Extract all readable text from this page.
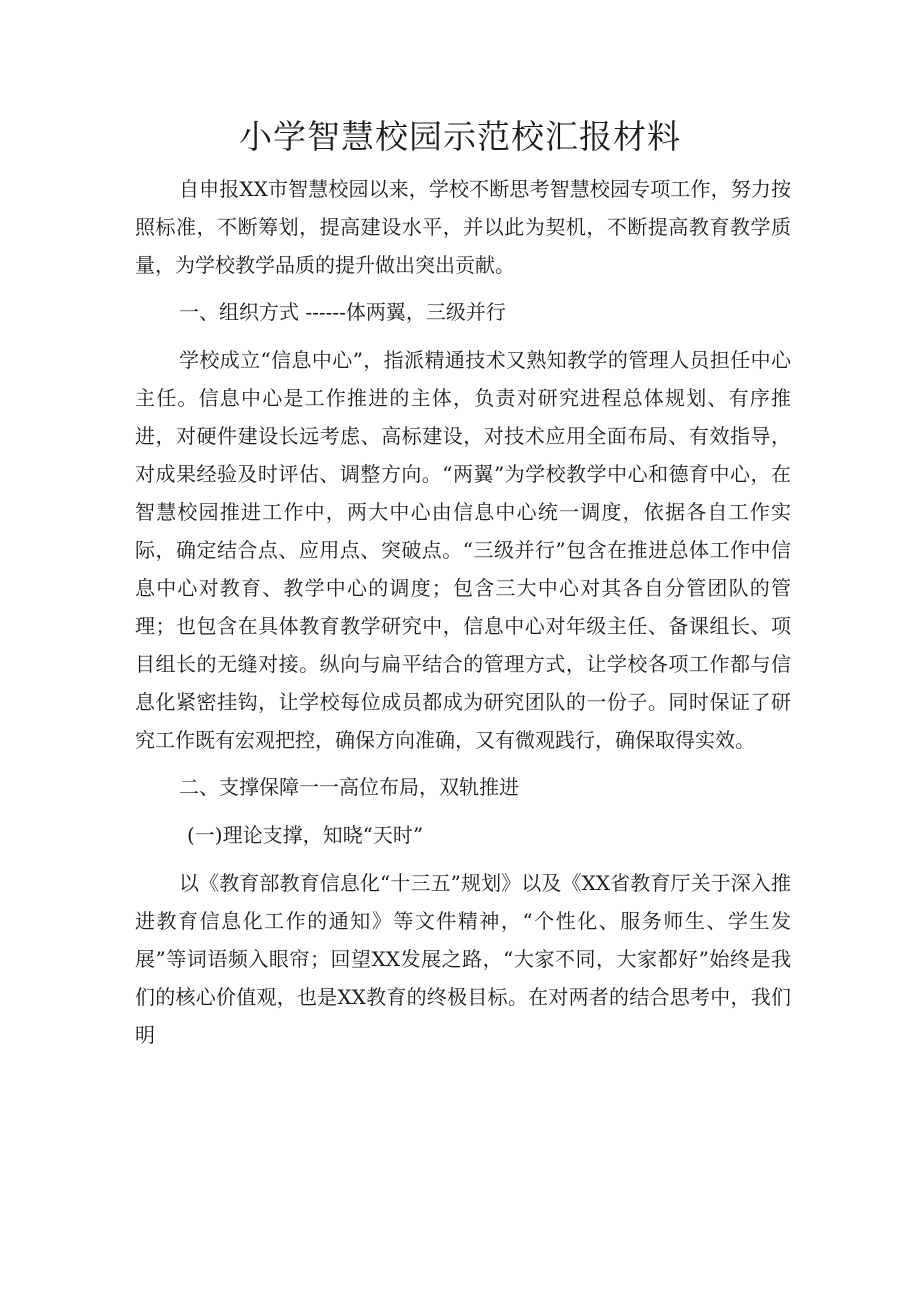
小学智慧校园示范校汇报材料

自申报XX市智慧校园以来，学校不断思考智慧校园专项工作，努力按照标准，不断筹划，提高建设水平，并以此为契机，不断提高教育教学质量，为学校教学品质的提升做出突出贡献。

一、组织方式 ------体两翼，三级并行

学校成立“信息中心”，指派精通技术又熟知教学的管理人员担任中心主任。信息中心是工作推进的主体，负责对研究进程总体规划、有序推进，对硬件建设长远考虑、高标建设，对技术应用全面布局、有效指导，对成果经验及时评估、调整方向。“两翼”为学校教学中心和德育中心，在智慧校园推进工作中，两大中心由信息中心统一调度，依据各自工作实际，确定结合点、应用点、突破点。“三级并行”包含在推进总体工作中信息中心对教育、教学中心的调度；包含三大中心对其各自分管团队的管理；也包含在具体教育教学研究中，信息中心对年级主任、备课组长、项目组长的无缝对接。纵向与扁平结合的管理方式，让学校各项工作都与信息化紧密挂钩，让学校每位成员都成为研究团队的一份子。同时保证了研究工作既有宏观把控，确保方向准确，又有微观践行，确保取得实效。

二、支撑保障一一高位布局，双轨推进

(一)理论支撑，知晓“天时”

以《教育部教育信息化“十三五”规划》以及《XX省教育厅关于深入推进教育信息化工作的通知》等文件精神，“个性化、服务师生、学生发展”等词语频入眼帘；回望XX发展之路，“大家不同，大家都好”始终是我们的核心价值观，也是XX教育的终极目标。在对两者的结合思考中，我们明
